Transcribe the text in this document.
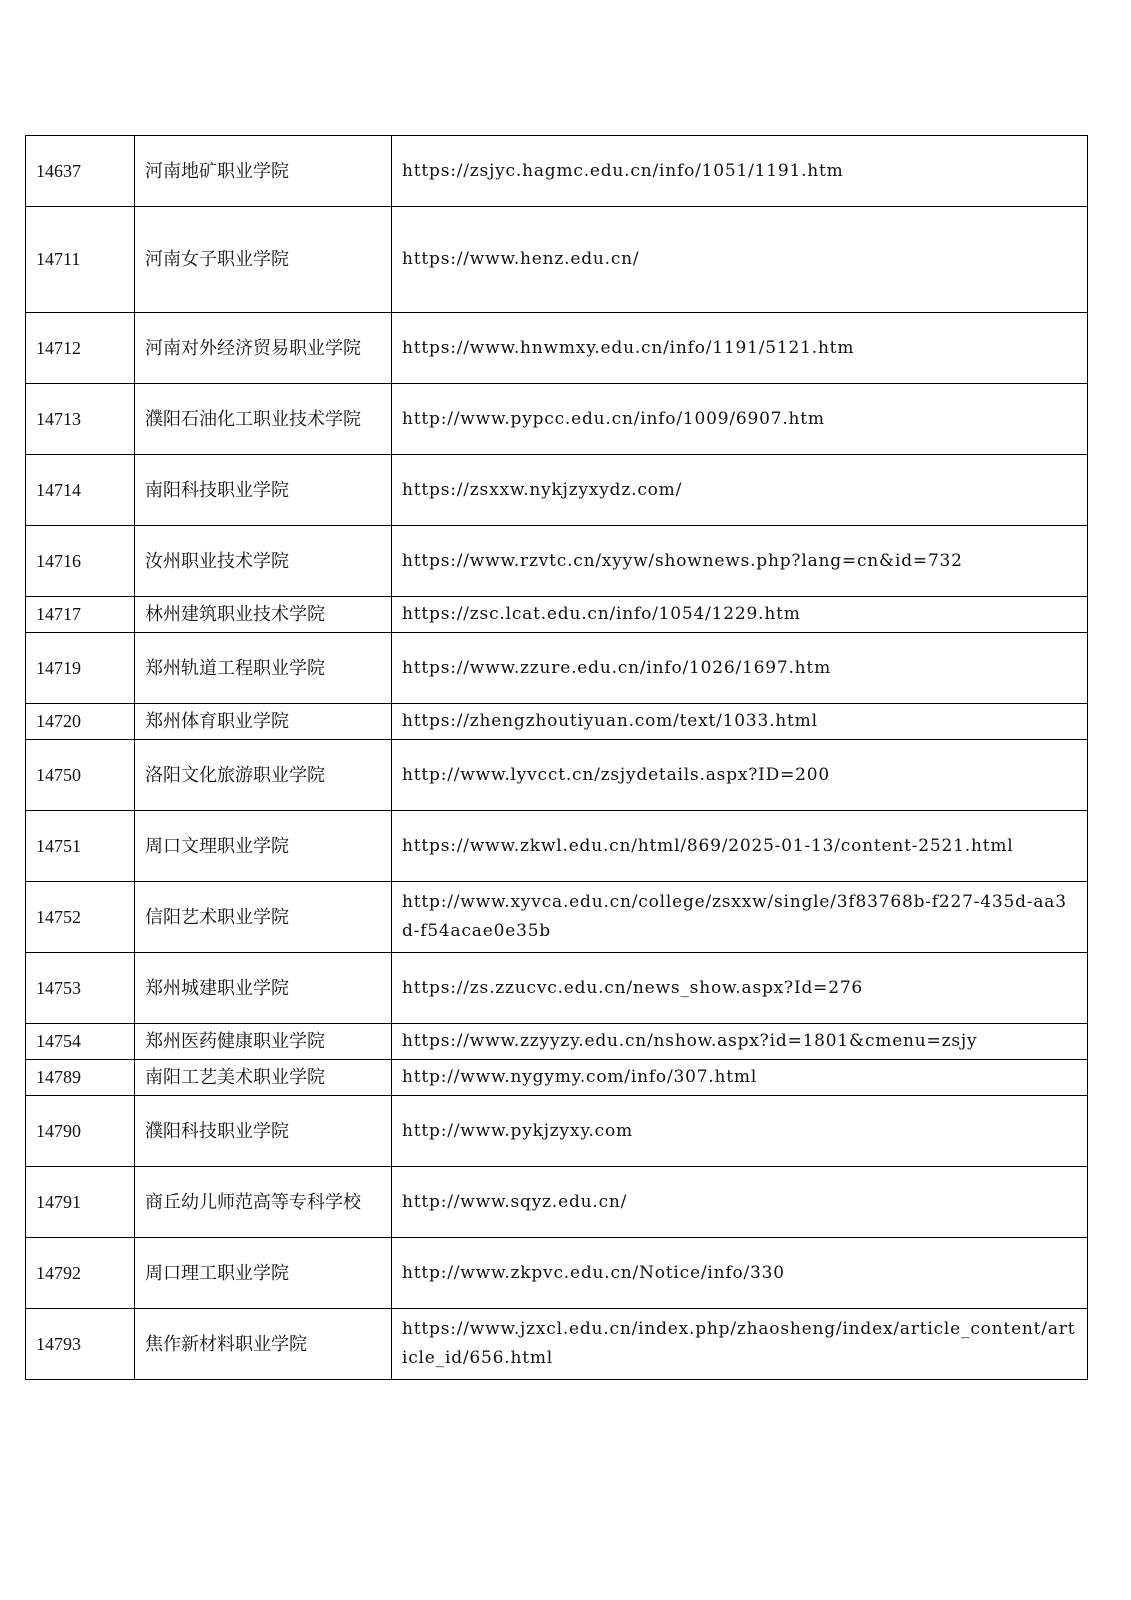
14637	河南地矿职业学院	https://zsjyc.hagmc.edu.cn/info/1051/1191.htm
14711	河南女子职业学院	https://www.henz.edu.cn/
14712	河南对外经济贸易职业学院	https://www.hnwmxy.edu.cn/info/1191/5121.htm
14713	濮阳石油化工职业技术学院	http://www.pypcc.edu.cn/info/1009/6907.htm
14714	南阳科技职业学院	https://zsxxw.nykjzyxydz.com/
14716	汝州职业技术学院	https://www.rzvtc.cn/xyyw/shownews.php?lang=cn&id=732
14717	林州建筑职业技术学院	https://zsc.lcat.edu.cn/info/1054/1229.htm
14719	郑州轨道工程职业学院	https://www.zzure.edu.cn/info/1026/1697.htm
14720	郑州体育职业学院	https://zhengzhoutiyuan.com/text/1033.html
14750	洛阳文化旅游职业学院	http://www.lyvcct.cn/zsjydetails.aspx?ID=200
14751	周口文理职业学院	https://www.zkwl.edu.cn/html/869/2025-01-13/content-2521.html
14752	信阳艺术职业学院	http://www.xyvca.edu.cn/college/zsxxw/single/3f83768b-f227-435d-aa3d-f54acae0e35b
14753	郑州城建职业学院	https://zs.zzucvc.edu.cn/news_show.aspx?Id=276
14754	郑州医药健康职业学院	https://www.zzyyzy.edu.cn/nshow.aspx?id=1801&cmenu=zsjy
14789	南阳工艺美术职业学院	http://www.nygymy.com/info/307.html
14790	濮阳科技职业学院	http://www.pykjzyxy.com
14791	商丘幼儿师范高等专科学校	http://www.sqyz.edu.cn/
14792	周口理工职业学院	http://www.zkpvc.edu.cn/Notice/info/330
14793	焦作新材料职业学院	https://www.jzxcl.edu.cn/index.php/zhaosheng/index/article_content/article_id/656.html
